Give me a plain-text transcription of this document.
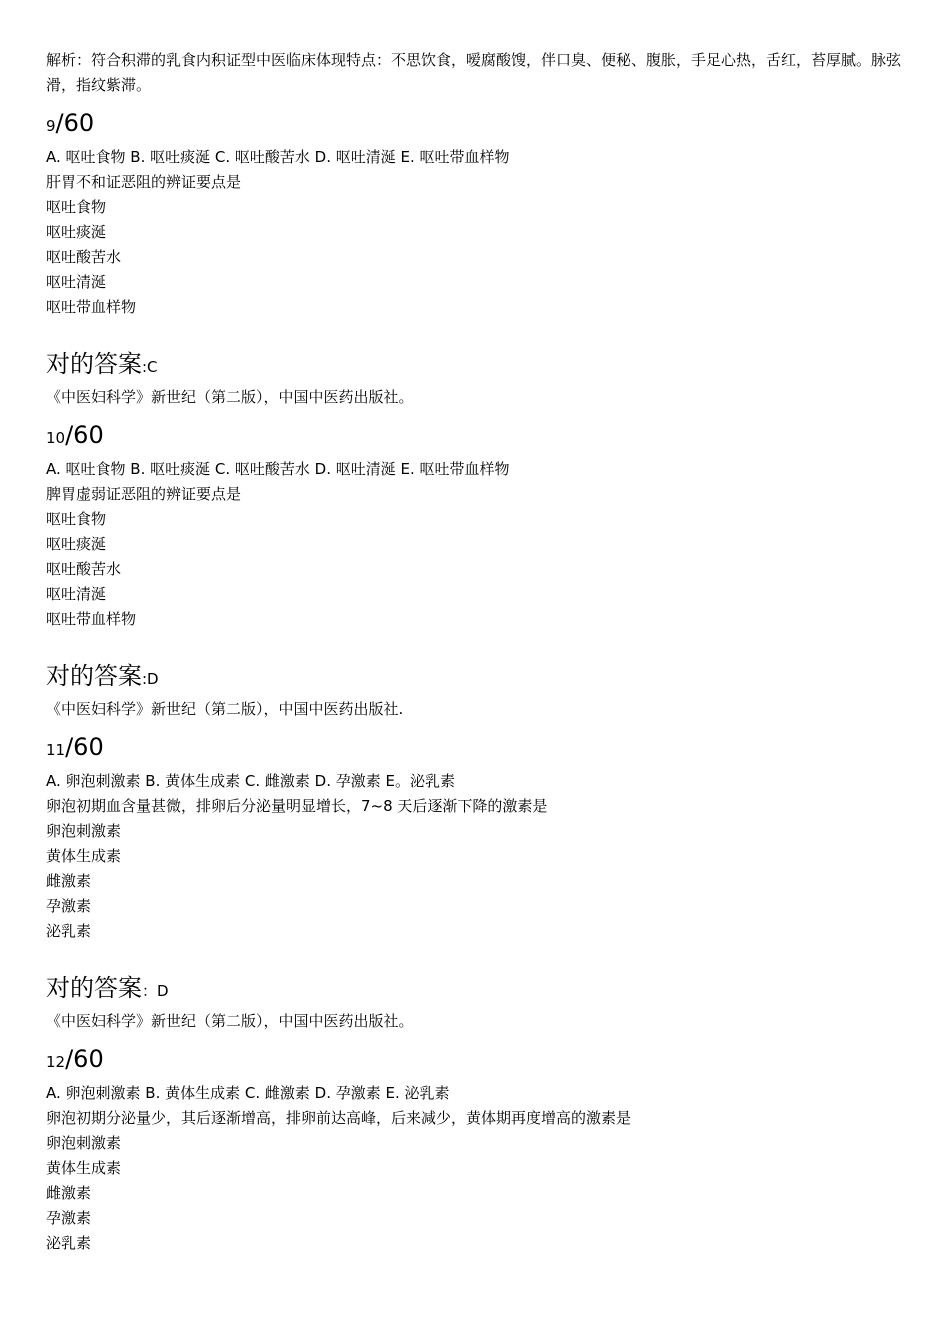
解析：符合积滞的乳食内积证型中医临床体现特点：不思饮食，嗳腐酸馊，伴口臭、便秘、腹胀，手足心热，舌红，苔厚腻。脉弦滑，指纹紫滞。

9/60

A. 呕吐食物 B. 呕吐痰涎 C. 呕吐酸苦水 D. 呕吐清涎 E. 呕吐带血样物

肝胃不和证恶阻的辨证要点是

呕吐食物

呕吐痰涎

呕吐酸苦水

呕吐清涎

呕吐带血样物

对的答案:C

《中医妇科学》新世纪（第二版），中国中医药出版社。

10/60

A. 呕吐食物 B. 呕吐痰涎 C. 呕吐酸苦水 D. 呕吐清涎 E. 呕吐带血样物

脾胃虚弱证恶阻的辨证要点是

呕吐食物

呕吐痰涎

呕吐酸苦水

呕吐清涎

呕吐带血样物

对的答案:D

《中医妇科学》新世纪（第二版），中国中医药出版社.

11/60

A. 卵泡刺激素 B. 黄体生成素 C. 雌激素 D. 孕激素 E。泌乳素

卵泡初期血含量甚微，排卵后分泌量明显增长，7~8 天后逐渐下降的激素是

卵泡刺激素

黄体生成素

雌激素

孕激素

泌乳素

对的答案：D

《中医妇科学》新世纪（第二版），中国中医药出版社。

12/60

A. 卵泡刺激素 B. 黄体生成素 C. 雌激素 D. 孕激素 E. 泌乳素

卵泡初期分泌量少，其后逐渐增高，排卵前达高峰，后来减少，黄体期再度增高的激素是

卵泡刺激素

黄体生成素

雌激素

孕激素

泌乳素
